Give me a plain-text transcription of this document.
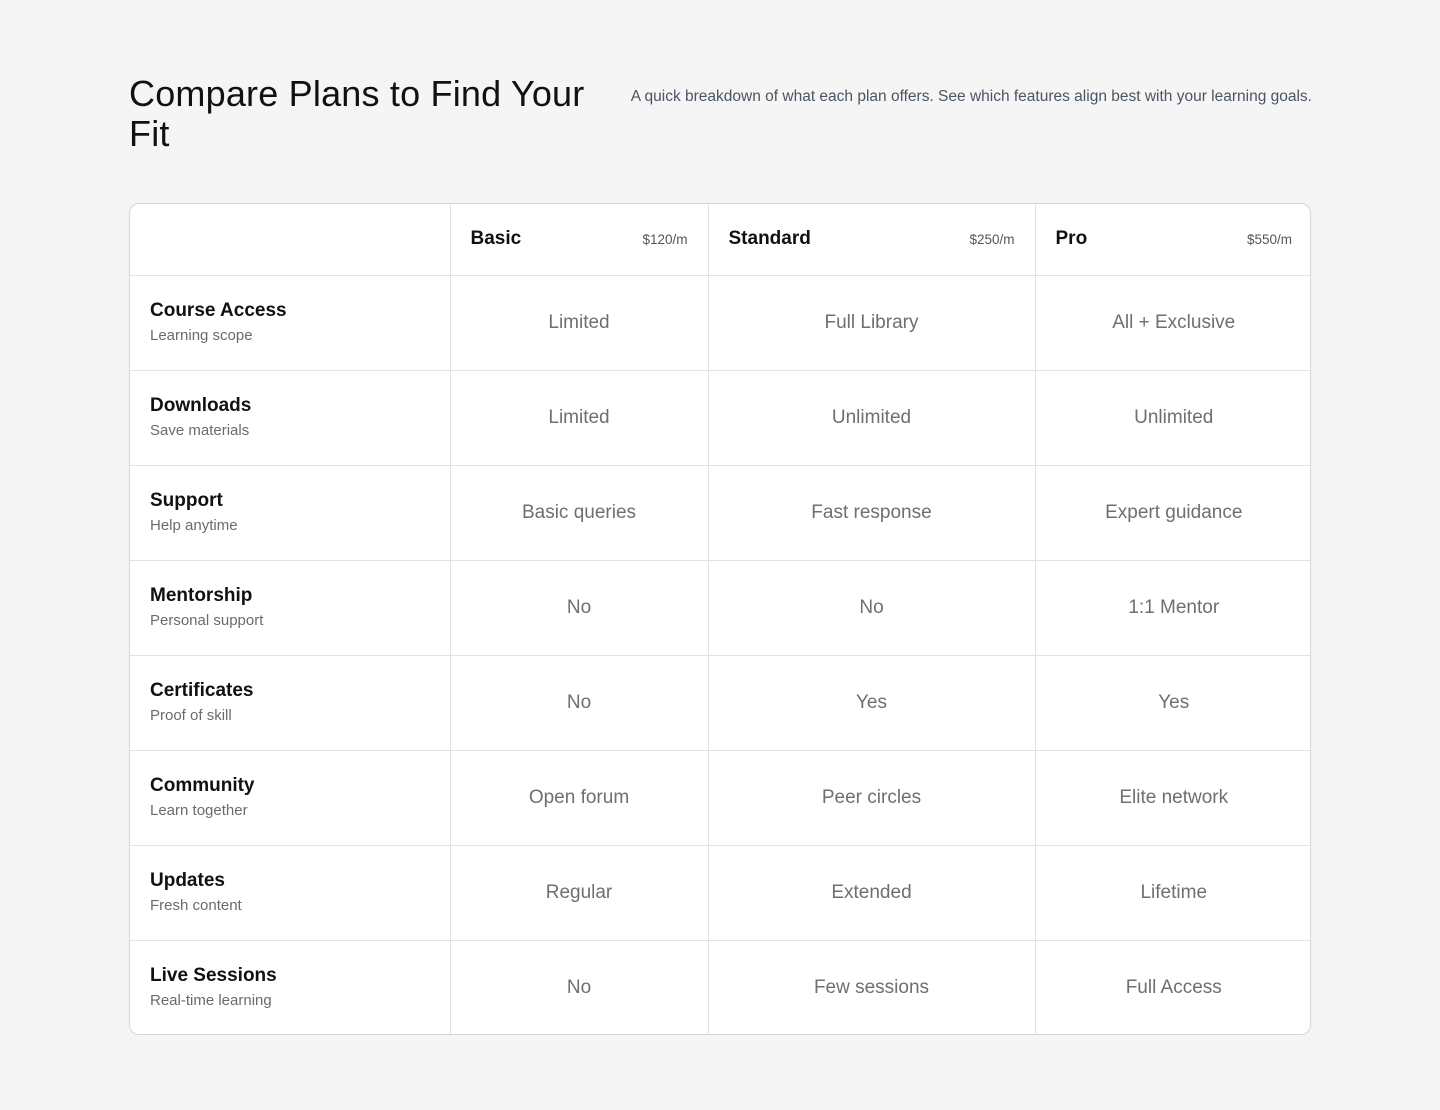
Compare Plans to Find Your Fit

A quick breakdown of what each plan offers. See which features align best with your learning goals.

	Basic $120/m	Standard $250/m	Pro $550/m

Course Access
Learning scope	Limited	Full Library	All + Exclusive

Downloads
Save materials	Limited	Unlimited	Unlimited

Support
Help anytime	Basic queries	Fast response	Expert guidance

Mentorship
Personal support	No	No	1:1 Mentor

Certificates
Proof of skill	No	Yes	Yes

Community
Learn together	Open forum	Peer circles	Elite network

Updates
Fresh content	Regular	Extended	Lifetime

Live Sessions
Real-time learning	No	Few sessions	Full Access
